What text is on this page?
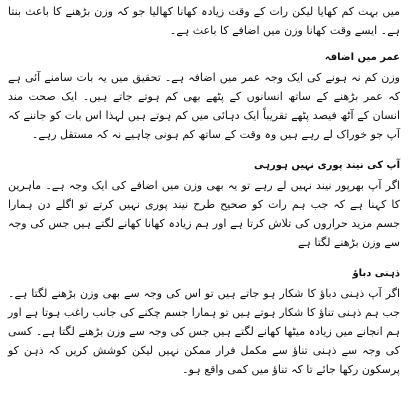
میں بہت کم کھایا لیکن رات کے وقت زیادہ کھانا کھالیا جو کہ وزن بڑھنے کا باعث بنتا ہے۔ ایسے وقت کھانا وزن میں اضافے کا باعث ہے۔

عمر میں اضافہ

وزن کم نہ ہونے کی ایک وجہ عمر میں اضافہ ہے۔ تحقیق میں یہ بات سامنے آئی ہے کہ عمر بڑھنے کے ساتھ انسانوں کے پٹھے بھی کم ہوتے جاتے ہیں۔ ایک صحت مند انسان کے آٹھ فیصد پٹھے تقریباً ایک دہائی میں کم ہوتے ہیں لہذا اس بات کو جاننے کہ آپ جو خوراک لے رہے ہیں وہ وقت کے ساتھ کم ہونی چاہیے نہ کہ مستقل رہے۔

آپ کی نیند پوری نہیں ہورہی

اگر آپ بھرپور نیند نہیں لے رہے تو یہ بھی وزن میں اضافے کی ایک وجہ ہے۔ ماہرین کا کہنا ہے کہ جب ہم رات کو صحیح طرح نیند پوری نہیں کرتے تو اگلے دن ہمارا جسم مزید حراروں کی تلاش کرتا ہے اور ہم زیادہ کھانا کھانے لگتے ہیں جس کی وجہ سے وزن بڑھنے لگتا ہے

ذہنی دباؤ

اگر آپ ذہنی دباؤ کا شکار ہو جاتے ہیں تو اس کی وجہ سے بھی وزن بڑھنے لگتا ہے۔ جب ہم ذہنی تناؤ کا شکار ہوتے ہیں تو ہمارا جسم چکنے کی جانب راغب ہوتا ہے اور ہم انجانے میں زیادہ میٹھا کھانے لگتے ہیں جس کی وجہ سے وزن بڑھنے لگتا ہے۔ کسی کی وجہ سے ذہنی تناؤ سے مکمل فرار ممکن نہیں لیکن کوشش کریں کہ ذہن کو پرسکون رکھا جائے تا کہ تناؤ میں کمی واقع ہو۔
